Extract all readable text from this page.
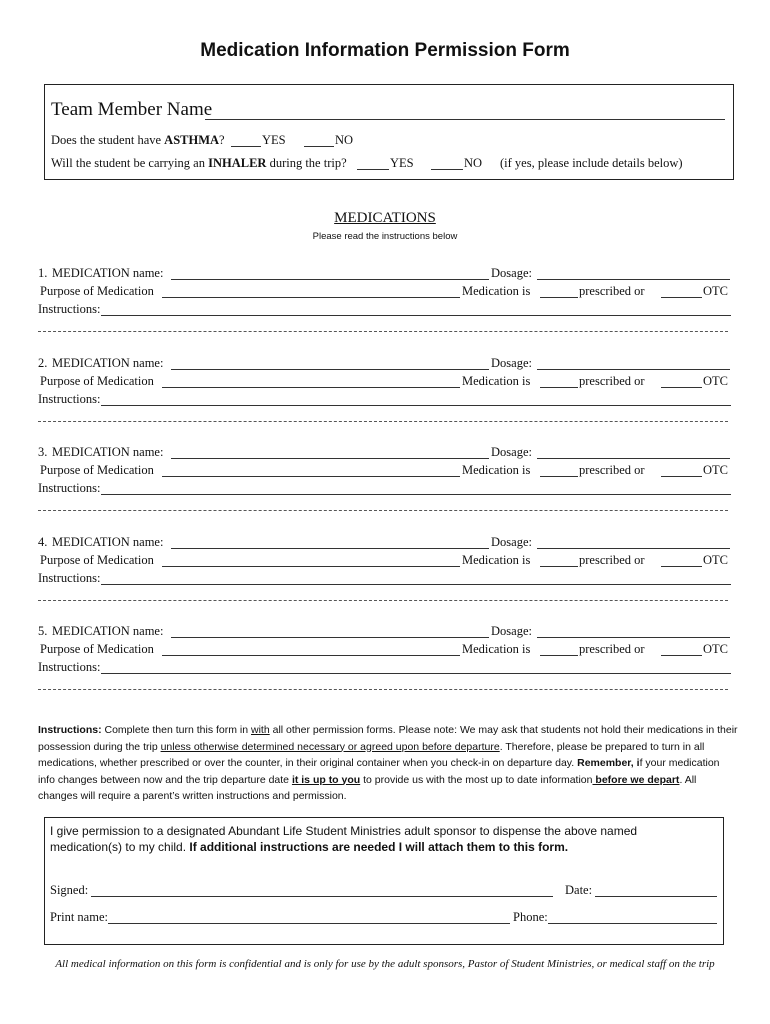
Medication Information Permission Form
Team Member Name
Does the student have ASTHMA?	YES	NO
Will the student be carrying an INHALER during the trip?	YES	NO (if yes, please include details below)
MEDICATIONS
Please read the instructions below
1. MEDICATION name:	Dosage:
Purpose of Medication	Medication is	prescribed or	OTC
Instructions:
2. MEDICATION name:	Dosage:
Purpose of Medication	Medication is	prescribed or	OTC
Instructions:
3. MEDICATION name:	Dosage:
Purpose of Medication	Medication is	prescribed or	OTC
Instructions:
4. MEDICATION name:	Dosage:
Purpose of Medication	Medication is	prescribed or	OTC
Instructions:
5. MEDICATION name:	Dosage:
Purpose of Medication	Medication is	prescribed or	OTC
Instructions:
Instructions: Complete then turn this form in with all other permission forms. Please note: We may ask that students not hold their medications in their possession during the trip unless otherwise determined necessary or agreed upon before departure. Therefore, please be prepared to turn in all medications, whether prescribed or over the counter, in their original container when you check-in on departure day. Remember, if your medication info changes between now and the trip departure date it is up to you to provide us with the most up to date information before we depart. All changes will require a parent’s written instructions and permission.
I give permission to a designated Abundant Life Student Ministries adult sponsor to dispense the above named medication(s) to my child. If additional instructions are needed I will attach them to this form.
Signed:	Date:
Print name:	Phone:
All medical information on this form is confidential and is only for use by the adult sponsors, Pastor of Student Ministries, or medical staff on the trip
